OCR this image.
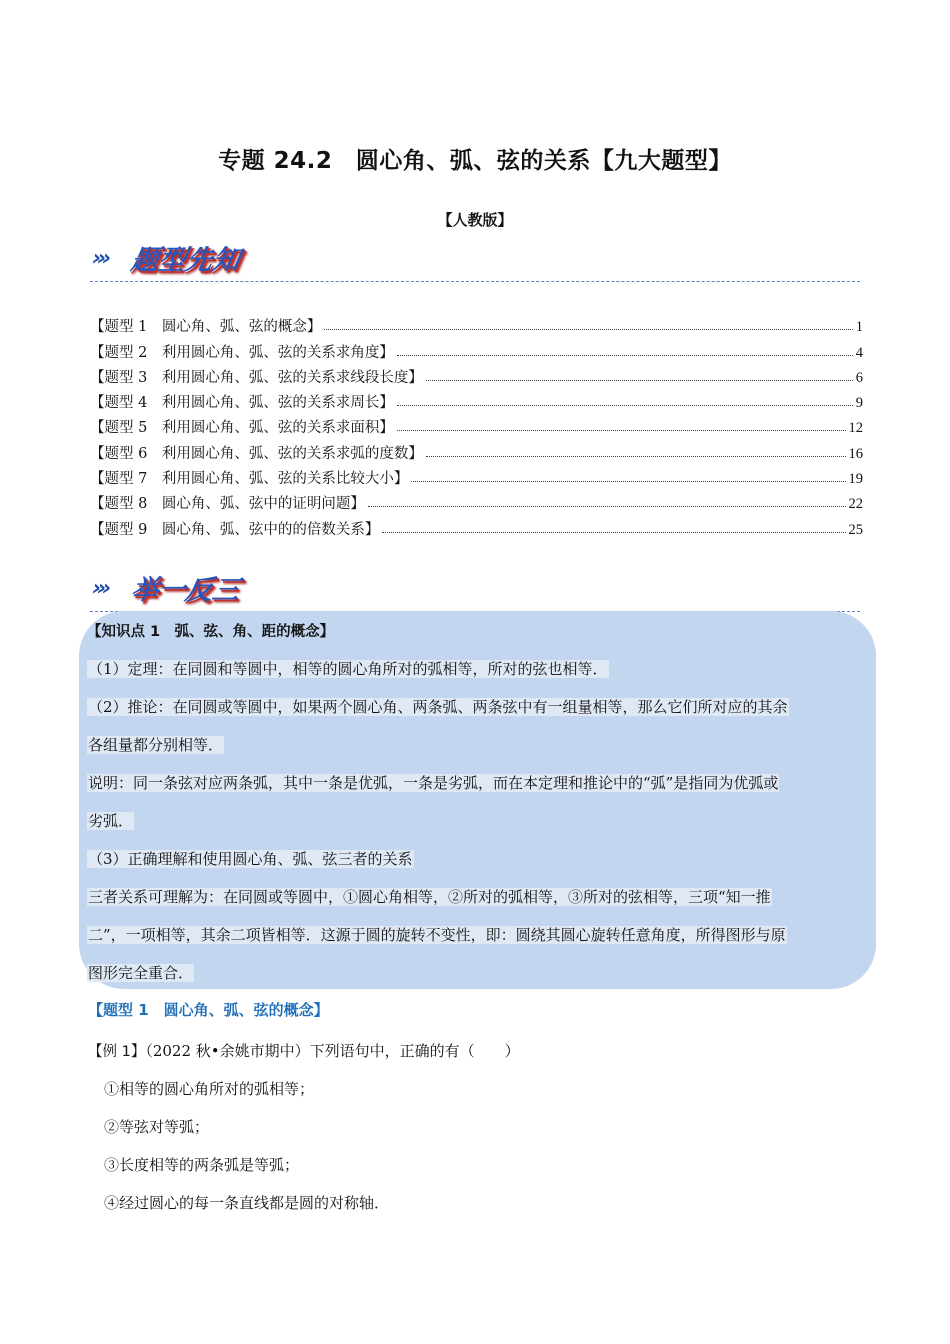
专题 24.2　圆心角、弧、弦的关系【九大题型】
【人教版】
››› 题型先知
【题型 1　圆心角、弧、弦的概念】	1
【题型 2　利用圆心角、弧、弦的关系求角度】	4
【题型 3　利用圆心角、弧、弦的关系求线段长度】	6
【题型 4　利用圆心角、弧、弦的关系求周长】	9
【题型 5　利用圆心角、弧、弦的关系求面积】	12
【题型 6　利用圆心角、弧、弦的关系求弧的度数】	16
【题型 7　利用圆心角、弧、弦的关系比较大小】	19
【题型 8　圆心角、弧、弦中的证明问题】	22
【题型 9　圆心角、弧、弦中的的倍数关系】	25
››› 举一反三
【知识点 1　弧、弦、角、距的概念】
（1）定理：在同圆和等圆中，相等的圆心角所对的弧相等，所对的弦也相等．
（2）推论：在同圆或等圆中，如果两个圆心角、两条弧、两条弦中有一组量相等，那么它们所对应的其余
各组量都分别相等．
说明：同一条弦对应两条弧，其中一条是优弧，一条是劣弧，而在本定理和推论中的“弧”是指同为优弧或
劣弧．
（3）正确理解和使用圆心角、弧、弦三者的关系
三者关系可理解为：在同圆或等圆中，①圆心角相等，②所对的弧相等，③所对的弦相等，三项“知一推
二”，一项相等，其余二项皆相等．这源于圆的旋转不变性，即：圆绕其圆心旋转任意角度，所得图形与原
图形完全重合．
【题型 1　圆心角、弧、弦的概念】
【例 1】（2022 秋•余姚市期中）下列语句中，正确的有（　　）
①相等的圆心角所对的弧相等；
②等弦对等弧；
③长度相等的两条弧是等弧；
④经过圆心的每一条直线都是圆的对称轴．
